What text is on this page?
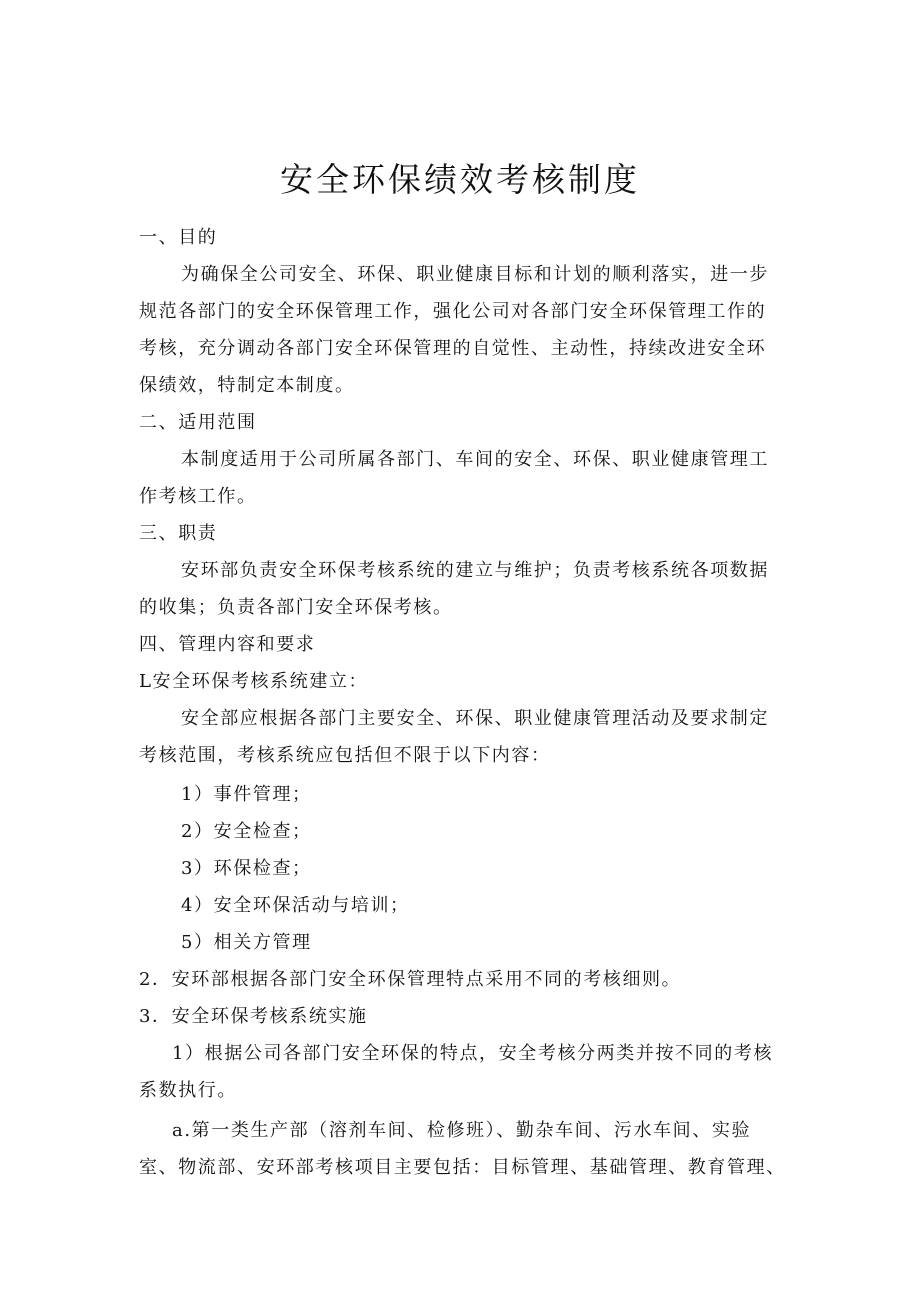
安全环保绩效考核制度
一、目的
为确保全公司安全、环保、职业健康目标和计划的顺利落实，进一步
规范各部门的安全环保管理工作，强化公司对各部门安全环保管理工作的
考核，充分调动各部门安全环保管理的自觉性、主动性，持续改进安全环
保绩效，特制定本制度。
二、适用范围
本制度适用于公司所属各部门、车间的安全、环保、职业健康管理工
作考核工作。
三、职责
安环部负责安全环保考核系统的建立与维护；负责考核系统各项数据
的收集；负责各部门安全环保考核。
四、管理内容和要求
L安全环保考核系统建立：
安全部应根据各部门主要安全、环保、职业健康管理活动及要求制定
考核范围，考核系统应包括但不限于以下内容：
1）事件管理；
2）安全检查；
3）环保检查；
4）安全环保活动与培训；
5）相关方管理
2．安环部根据各部门安全环保管理特点采用不同的考核细则。
3．安全环保考核系统实施
1）根据公司各部门安全环保的特点，安全考核分两类并按不同的考核
系数执行。
a.第一类生产部（溶剂车间、检修班）、勤杂车间、污水车间、实验
室、物流部、安环部考核项目主要包括：目标管理、基础管理、教育管理、
